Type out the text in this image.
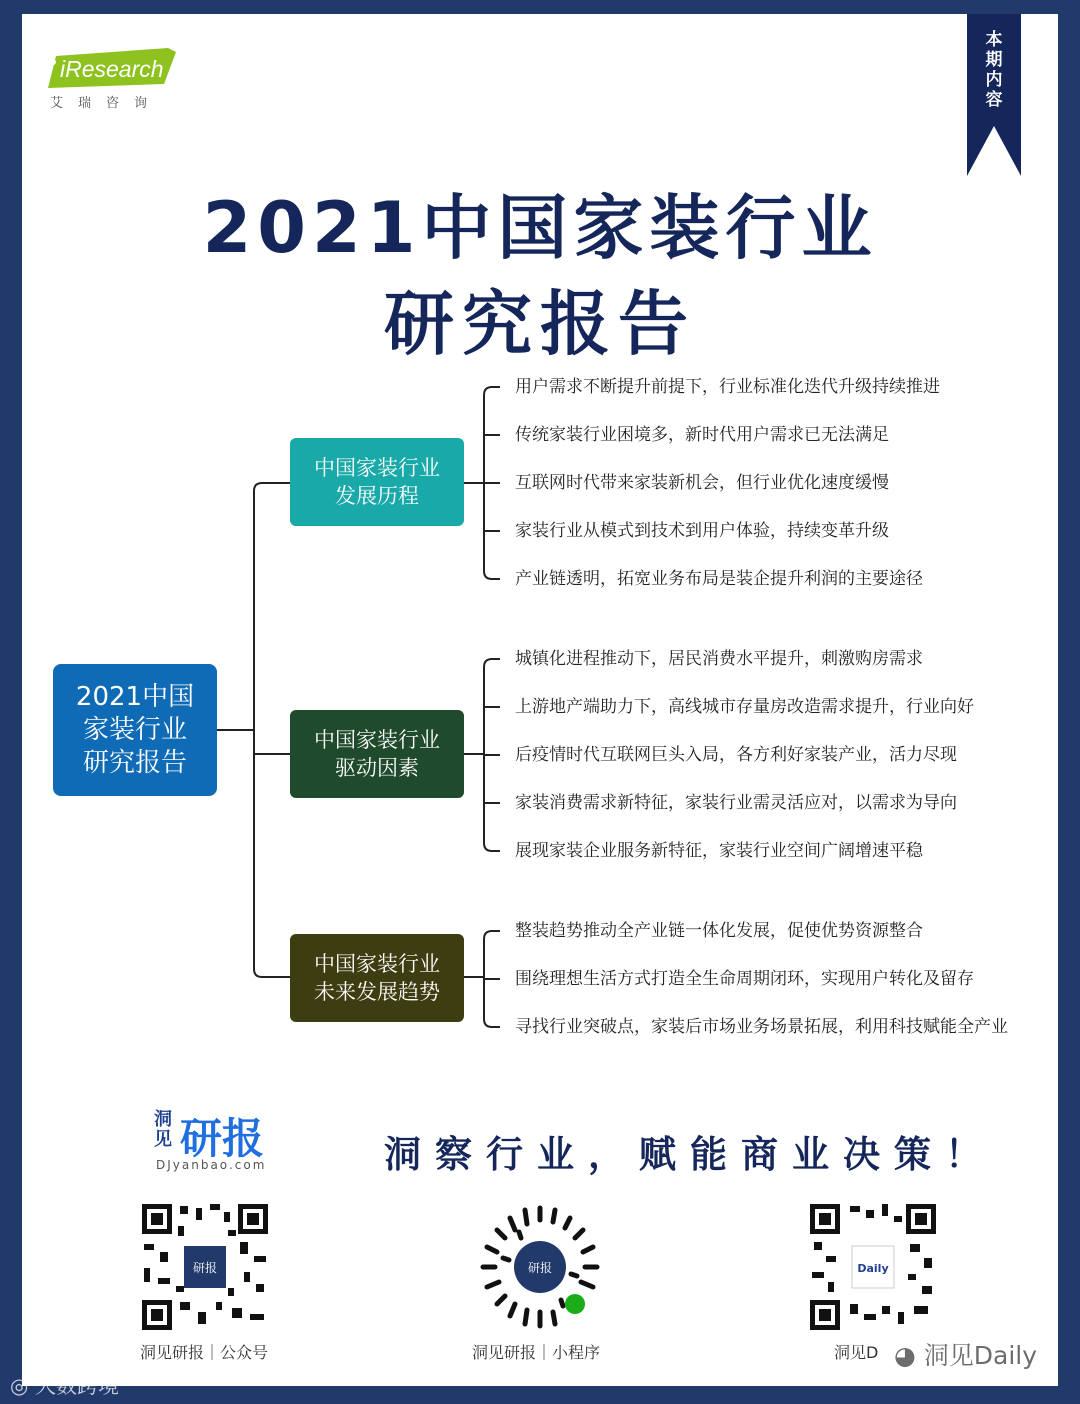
iResearch
艾瑞咨询
本
期
内
容
2021中国家装行业
研究报告
2021中国
家装行业
研究报告
中国家装行业
发展历程
中国家装行业
驱动因素
中国家装行业
未来发展趋势
用户需求不断提升前提下，行业标准化迭代升级持续推进
传统家装行业困境多，新时代用户需求已无法满足
互联网时代带来家装新机会，但行业优化速度缓慢
家装行业从模式到技术到用户体验，持续变革升级
产业链透明，拓宽业务布局是装企提升利润的主要途径
城镇化进程推动下，居民消费水平提升，刺激购房需求
上游地产端助力下，高线城市存量房改造需求提升，行业向好
后疫情时代互联网巨头入局，各方利好家装产业，活力尽现
家装消费需求新特征，家装行业需灵活应对，以需求为导向
展现家装企业服务新特征，家装行业空间广阔增速平稳
整装趋势推动全产业链一体化发展，促使优势资源整合
围绕理想生活方式打造全生命周期闭环，实现用户转化及留存
寻找行业突破点，家装后市场业务场景拓展，利用科技赋能全产业
洞见 研报
DJyanbao.com	洞察行业，赋能商业决策！
研报
洞见研报｜公众号
研报
洞见研报｜小程序
Daily
洞见D ◕ 洞见Daily
◎ 大数跨境
